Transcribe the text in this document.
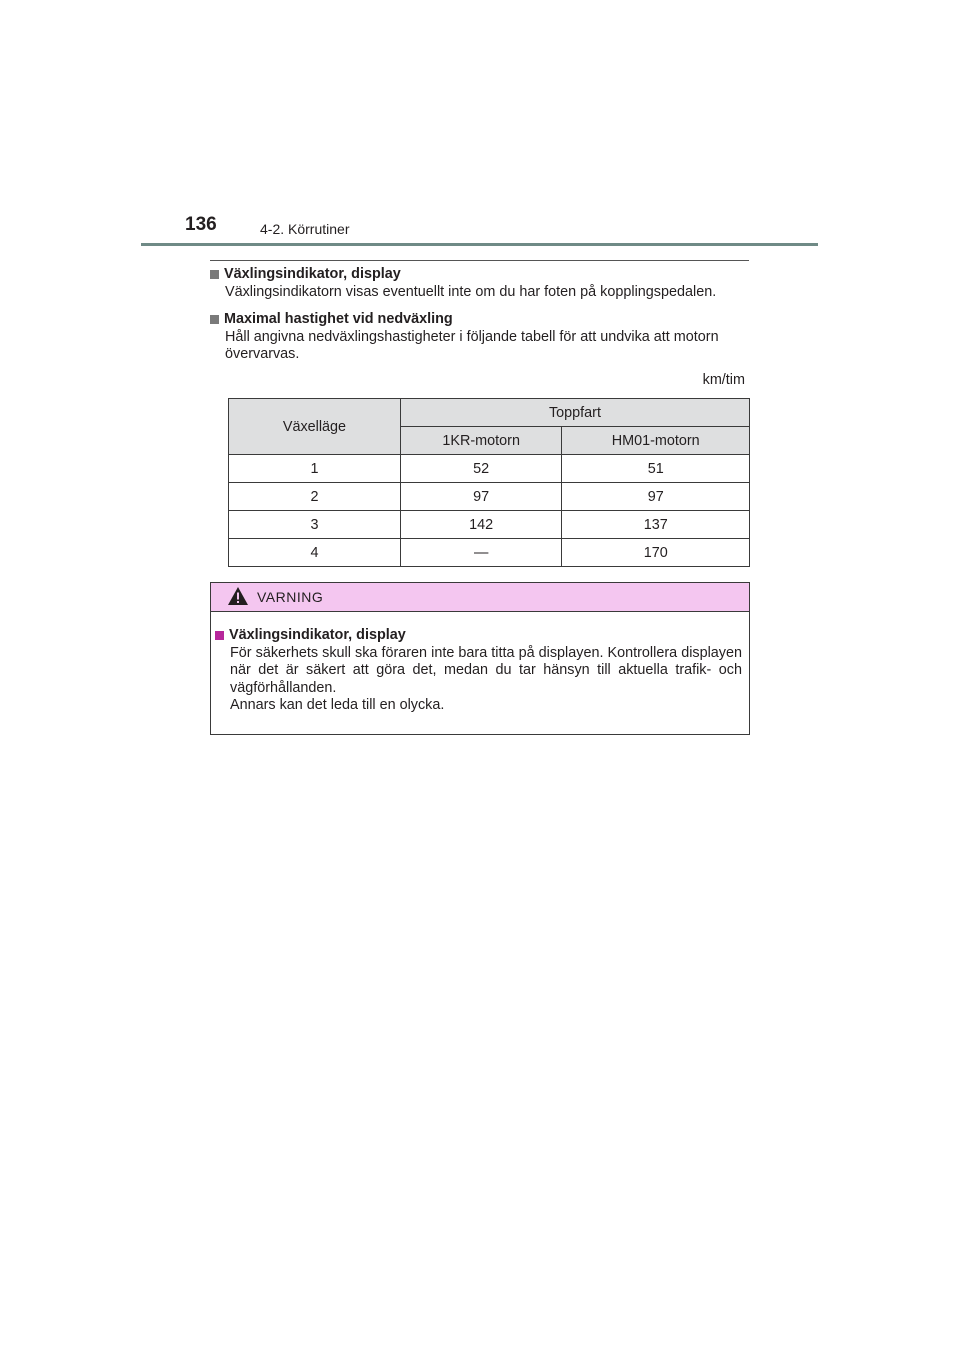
136	4-2. Körrutiner
Växlingsindikator, display
Växlingsindikatorn visas eventuellt inte om du har foten på kopplingspedalen.
Maximal hastighet vid nedväxling
Håll angivna nedväxlingshastigheter i följande tabell för att undvika att motorn övervarvas.
km/tim
Växelläge	Toppfart	
	1KR-motorn	HM01-motorn
1	52	51
2	97	97
3	142	137
4	—	170
VARNING
Växlingsindikator, display
För säkerhets skull ska föraren inte bara titta på displayen. Kontrollera displayen när det är säkert att göra det, medan du tar hänsyn till aktuella trafik- och vägförhållanden.
Annars kan det leda till en olycka.
